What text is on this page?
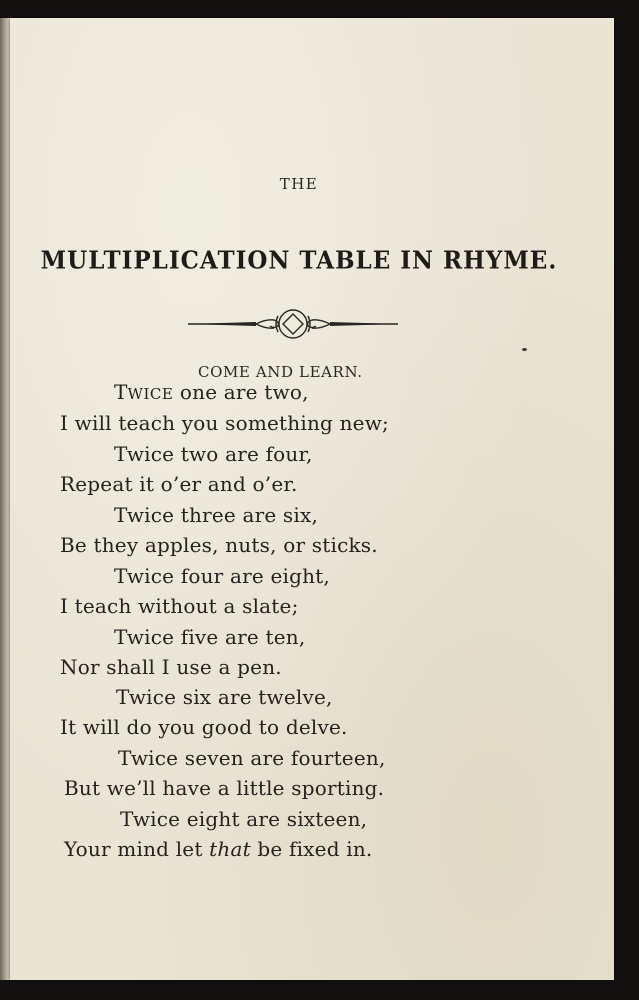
THE
MULTIPLICATION TABLE IN RHYME.
COME AND LEARN.
TWICE one are two,
I will teach you something new;
Twice two are four,
Repeat it o’er and o’er.
Twice three are six,
Be they apples, nuts, or sticks.
Twice four are eight,
I teach without a slate;
Twice five are ten,
Nor shall I use a pen.
Twice six are twelve,
It will do you good to delve.
Twice seven are fourteen,
But we’ll have a little sporting.
Twice eight are sixteen,
Your mind let that be fixed in.
